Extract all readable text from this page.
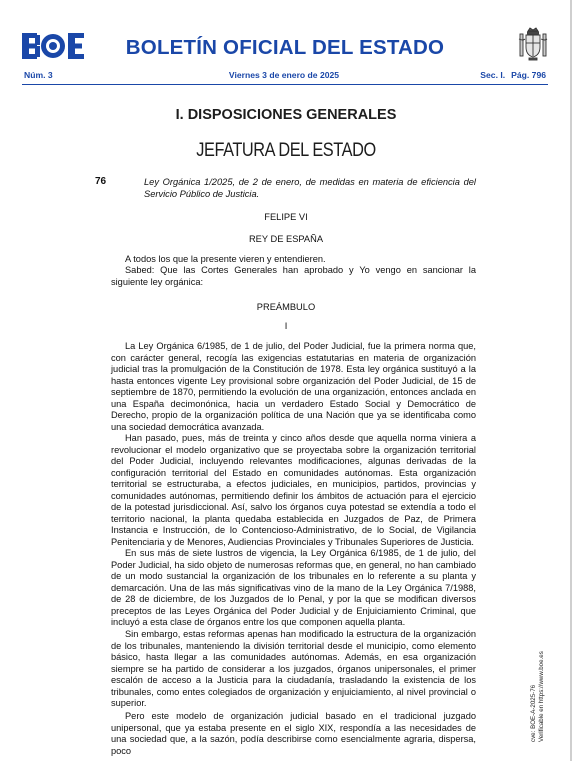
BOLETÍN OFICIAL DEL ESTADO
Núm. 3	Viernes 3 de enero de 2025	Sec. I. Pág. 796
I. DISPOSICIONES GENERALES
JEFATURA DEL ESTADO
76	Ley Orgánica 1/2025, de 2 de enero, de medidas en materia de eficiencia del Servicio Público de Justicia.
FELIPE VI
REY DE ESPAÑA
A todos los que la presente vieren y entendieren.
Sabed: Que las Cortes Generales han aprobado y Yo vengo en sancionar la siguiente ley orgánica:
PREÁMBULO
I
La Ley Orgánica 6/1985, de 1 de julio, del Poder Judicial, fue la primera norma que, con carácter general, recogía las exigencias estatutarias en materia de organización judicial tras la promulgación de la Constitución de 1978. Esta ley orgánica sustituyó a la hasta entonces vigente Ley provisional sobre organización del Poder Judicial, de 15 de septiembre de 1870, permitiendo la evolución de una organización, entonces anclada en una España decimonónica, hacia un verdadero Estado Social y Democrático de Derecho, propio de la organización política de una Nación que ya se identificaba como una sociedad democrática avanzada.
Han pasado, pues, más de treinta y cinco años desde que aquella norma viniera a revolucionar el modelo organizativo que se proyectaba sobre la organización territorial del Poder Judicial, incluyendo relevantes modificaciones, algunas derivadas de la configuración territorial del Estado en comunidades autónomas. Esta organización territorial se estructuraba, a efectos judiciales, en municipios, partidos, provincias y comunidades autónomas, permitiendo definir los ámbitos de actuación para el ejercicio de la potestad jurisdiccional. Así, salvo los órganos cuya potestad se extendía a todo el territorio nacional, la planta quedaba establecida en Juzgados de Paz, de Primera Instancia e Instrucción, de lo Contencioso-Administrativo, de lo Social, de Vigilancia Penitenciaria y de Menores, Audiencias Provinciales y Tribunales Superiores de Justicia.
En sus más de siete lustros de vigencia, la Ley Orgánica 6/1985, de 1 de julio, del Poder Judicial, ha sido objeto de numerosas reformas que, en general, no han cambiado de un modo sustancial la organización de los tribunales en lo referente a su planta y demarcación. Una de las más significativas vino de la mano de la Ley Orgánica 7/1988, de 28 de diciembre, de los Juzgados de lo Penal, y por la que se modifican diversos preceptos de las Leyes Orgánica del Poder Judicial y de Enjuiciamiento Criminal, que incluyó a esta clase de órganos entre los que componen aquella planta.
Sin embargo, estas reformas apenas han modificado la estructura de la organización de los tribunales, manteniendo la división territorial desde el municipio, como elemento básico, hasta llegar a las comunidades autónomas. Además, en esa organización siempre se ha partido de considerar a los juzgados, órganos unipersonales, el primer escalón de acceso a la Justicia para la ciudadanía, trasladando la existencia de los tribunales, como entes colegiados de organización y enjuiciamiento, al nivel provincial o superior.
Pero este modelo de organización judicial basado en el tradicional juzgado unipersonal, que ya estaba presente en el siglo XIX, respondía a las necesidades de una sociedad que, a la sazón, podía describirse como esencialmente agraria, dispersa, poco
cve: BOE-A-2025-76 Verificable en https://www.boe.es
